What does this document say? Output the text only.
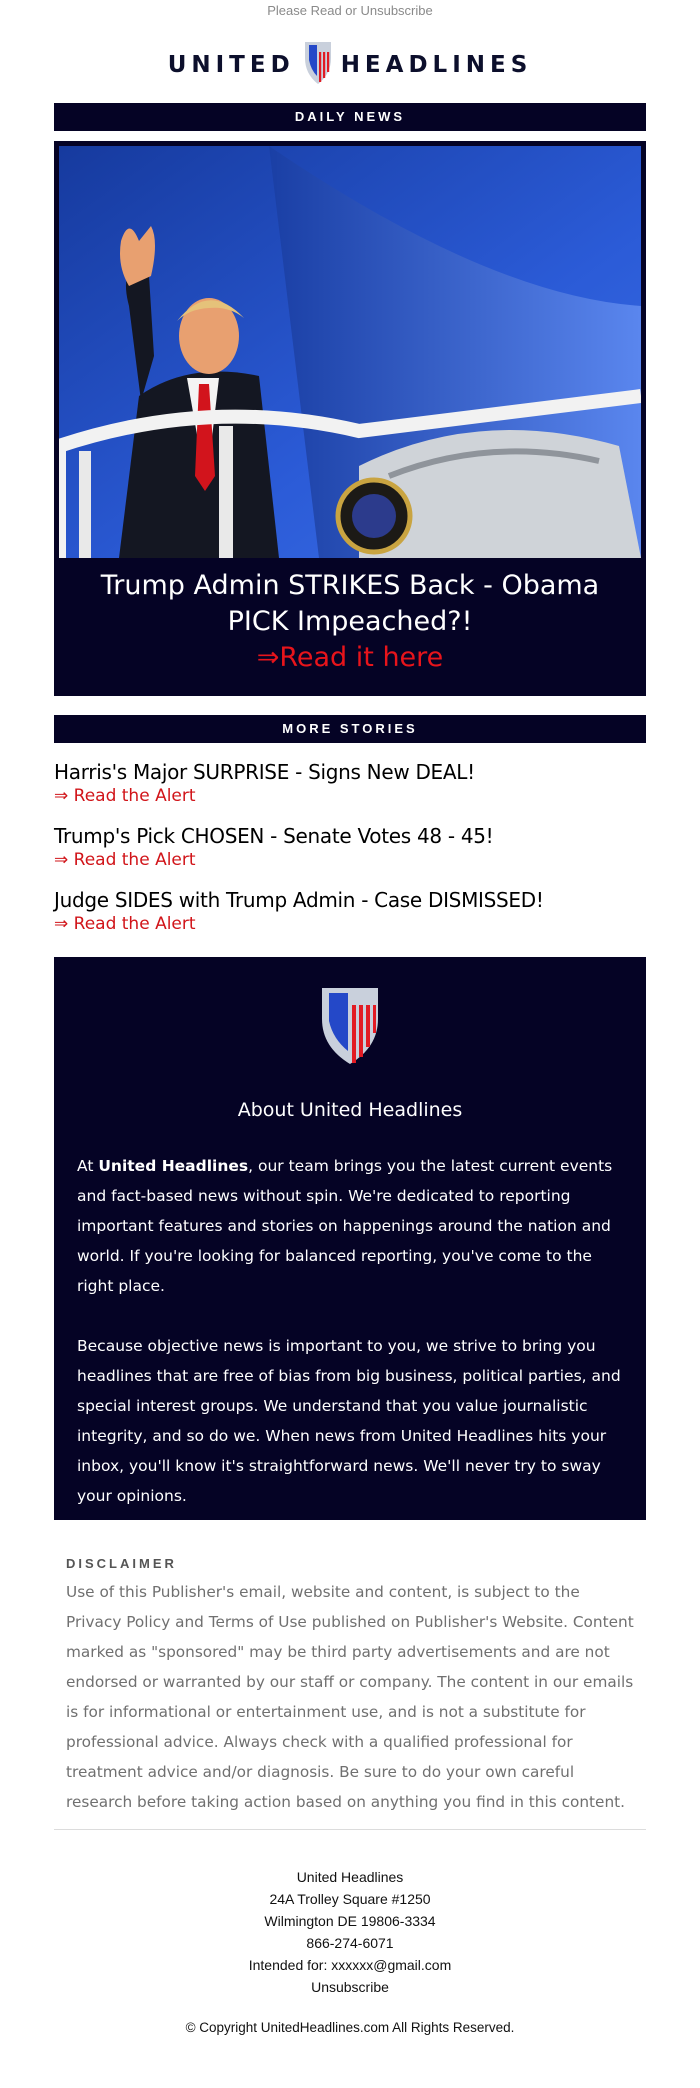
Please Read or Unsubscribe
UNITED HEADLINES
DAILY NEWS
Trump Admin STRIKES Back - Obama PICK Impeached?!
⇒Read it here
MORE STORIES
Harris's Major SURPRISE - Signs New DEAL!
⇒ Read the Alert
Trump's Pick CHOSEN - Senate Votes 48 - 45!
⇒ Read the Alert
Judge SIDES with Trump Admin - Case DISMISSED!
⇒ Read the Alert
About United Headlines

At United Headlines, our team brings you the latest current events and fact-based news without spin. We're dedicated to reporting important features and stories on happenings around the nation and world. If you're looking for balanced reporting, you've come to the right place.

Because objective news is important to you, we strive to bring you headlines that are free of bias from big business, political parties, and special interest groups. We understand that you value journalistic integrity, and so do we. When news from United Headlines hits your inbox, you'll know it's straightforward news. We'll never try to sway your opinions.

DISCLAIMER
Use of this Publisher's email, website and content, is subject to the Privacy Policy and Terms of Use published on Publisher's Website. Content marked as "sponsored" may be third party advertisements and are not endorsed or warranted by our staff or company. The content in our emails is for informational or entertainment use, and is not a substitute for professional advice. Always check with a qualified professional for treatment advice and/or diagnosis. Be sure to do your own careful research before taking action based on anything you find in this content.
United Headlines
24A Trolley Square #1250
Wilmington DE 19806-3334
866-274-6071
Intended for: xxxxxx@gmail.com
Unsubscribe
© Copyright UnitedHeadlines.com All Rights Reserved.
